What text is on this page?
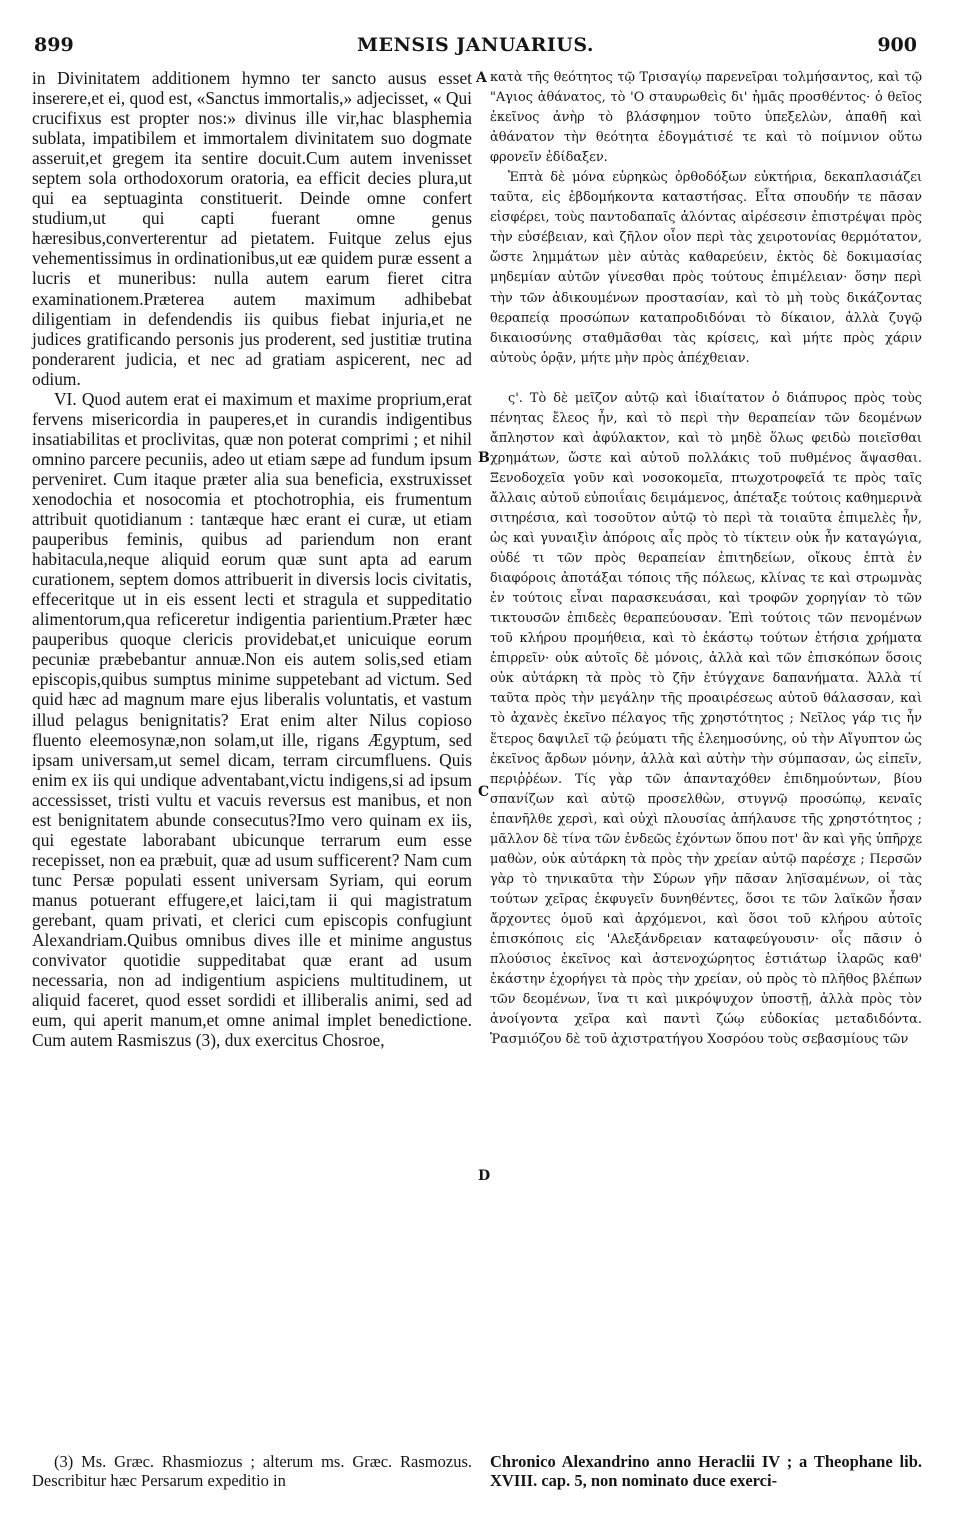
899	MENSIS JANUARIUS.	900

in Divinitatem additionem hymno ter sancto ausus esset inserere,et ei, quod est, «Sanctus immortalis,» adjecisset, « Qui crucifixus est propter nos:» divinus ille vir,hac blasphemia sublata, impatibilem et immortalem divinitatem suo dogmate asseruit,et gregem ita sentire docuit.Cum autem invenisset septem sola orthodoxorum oratoria, ea efficit decies plura,ut qui ea septuaginta constituerit. Deinde omne confert studium,ut qui capti fuerant omne genus hæresibus,converterentur ad pietatem. Fuitque zelus ejus vehementissimus in ordinationibus,ut eæ quidem puræ essent a lucris et muneribus: nulla autem earum fieret citra examinationem.Præterea autem maximum adhibebat diligentiam in defendendis iis quibus fiebat injuria,et ne judices gratificando personis jus proderent, sed justitiæ trutina ponderarent judicia, et nec ad gratiam aspicerent, nec ad odium.

VI. Quod autem erat ei maximum et maxime proprium,erat fervens misericordia in pauperes,et in curandis indigentibus insatiabilitas et proclivitas, quæ non poterat comprimi ; et nihil omnino parcere pecuniis, adeo ut etiam sæpe ad fundum ipsum perveniret. Cum itaque præter alia sua beneficia, exstruxisset xenodochia et nosocomia et ptochotrophia, eis frumentum attribuit quotidianum : tantæque hæc erant ei curæ, ut etiam pauperibus feminis, quibus ad pariendum non erant habitacula,neque aliquid eorum quæ sunt apta ad earum curationem, septem domos attribuerit in diversis locis civitatis, effeceritque ut in eis essent lecti et stragula et suppeditatio alimentorum,qua reficeretur indigentia parientium.Præter hæc pauperibus quoque clericis providebat,et unicuique eorum pecuniæ præbebantur annuæ.Non eis autem solis,sed etiam episcopis,quibus sumptus minime suppetebant ad victum. Sed quid hæc ad magnum mare ejus liberalis voluntatis, et vastum illud pelagus benignitatis? Erat enim alter Nilus copioso fluento eleemosynæ,non solam,ut ille, rigans Ægyptum, sed ipsam universam,ut semel dicam, terram circumfluens. Quis enim ex iis qui undique adventabant,victu indigens,si ad ipsum accessisset, tristi vultu et vacuis reversus est manibus, et non est benignitatem abunde consecutus?Imo vero quinam ex iis, qui egestate laborabant ubicunque terrarum eum esse recepisset, non ea præbuit, quæ ad usum sufficerent? Nam cum tunc Persæ populati essent universam Syriam, qui eorum manus potuerant effugere,et laici,tam ii qui magistratum gerebant, quam privati, et clerici cum episcopis confugiunt Alexandriam.Quibus omnibus dives ille et minime angustus convivator quotidie suppeditabat quæ erant ad usum necessaria, non ad indigentium aspiciens multitudinem, ut aliquid faceret, quod esset sordidi et illiberalis animi, sed ad eum, qui aperit manum,et omne animal implet benedictione. Cum autem Rasmiszus (3), dux exercitus Chosroe,

κατὰ τῆς θεότητος τῷ Τρισαγίῳ παρενεῖραι τολμήσαντος, καὶ τῷ "Αγιος ἀθάνατος, τὸ 'Ο σταυρωθεὶς δι' ἡμᾶς προσθέντος· ὁ θεῖος ἐκεῖνος ἀνὴρ τὸ βλάσφημον τοῦτο ὑπεξελὼν, ἀπαθῆ καὶ ἀθάνατον τὴν θεότητα ἐδογμάτισέ τε καὶ τὸ ποίμνιον οὕτω φρονεῖν ἐδίδαξεν.

Ἑπτὰ δὲ μόνα εὑρηκὼς ὀρθοδόξων εὐκτήρια, δεκαπλασιάζει ταῦτα, εἰς ἑβδομήκοντα καταστήσας. Εἶτα σπουδήν τε πᾶσαν εἰσφέρει, τοὺς παντοδαπαῖς ἁλόντας αἱρέσεσιν ἐπιστρέψαι πρὸς τὴν εὐσέβειαν, καὶ ζῆλον οἷον περὶ τὰς χειροτονίας θερμότατον, ὥστε λημμάτων μὲν αὐτὰς καθαρεύειν, ἐκτὸς δὲ δοκιμασίας μηδεμίαν αὐτῶν γίνεσθαι πρὸς τούτους ἐπιμέλειαν· ὅσην περὶ τὴν τῶν ἀδικουμένων προστασίαν, καὶ τὸ μὴ τοὺς δικάζοντας θεραπείᾳ προσώπων καταπροδιδόναι τὸ δίκαιον, ἀλλὰ ζυγῷ δικαιοσύνης σταθμᾶσθαι τὰς κρίσεις, καὶ μήτε πρὸς χάριν αὐτοὺς ὁρᾷν, μήτε μὴν πρὸς ἀπέχθειαν.

ς'. Τὸ δὲ μεῖζον αὐτῷ καὶ ἰδιαίτατον ὁ διάπυρος πρὸς τοὺς πένητας ἔλεος ἦν, καὶ τὸ περὶ τὴν θεραπείαν τῶν δεομένων ἄπληστον καὶ ἀφύλακτον, καὶ τὸ μηδὲ ὅλως φειδὼ ποιεῖσθαι χρημάτων, ὥστε καὶ αὐτοῦ πολλάκις τοῦ πυθμένος ἅψασθαι. Ξενοδοχεῖα γοῦν καὶ νοσοκομεῖα, πτωχοτροφεῖά τε πρὸς ταῖς ἄλλαις αὐτοῦ εὐποιΐαις δειμάμενος, ἀπέταξε τούτοις καθημερινὰ σιτηρέσια, καὶ τοσοῦτον αὐτῷ τὸ περὶ τὰ τοιαῦτα ἐπιμελὲς ἦν, ὡς καὶ γυναιξὶν ἀπόροις αἷς πρὸς τὸ τίκτειν οὐκ ἦν καταγώγια, οὐδέ τι τῶν πρὸς θεραπείαν ἐπιτηδείων, οἴκους ἑπτὰ ἐν διαφόροις ἀποτάξαι τόποις τῆς πόλεως, κλίνας τε καὶ στρωμνὰς ἐν τούτοις εἶναι παρασκευάσαι, καὶ τροφῶν χορηγίαν τὸ τῶν τικτουσῶν ἐπιδεὲς θεραπεύουσαν. Ἐπὶ τούτοις τῶν πενομένων τοῦ κλήρου προμήθεια, καὶ τὸ ἑκάστῳ τούτων ἐτήσια χρήματα ἐπιρρεῖν· οὐκ αὐτοῖς δὲ μόνοις, ἀλλὰ καὶ τῶν ἐπισκόπων ὅσοις οὐκ αὐτάρκη τὰ πρὸς τὸ ζῆν ἐτύγχανε δαπανήματα. Ἀλλὰ τί ταῦτα πρὸς τὴν μεγάλην τῆς προαιρέσεως αὐτοῦ θάλασσαν, καὶ τὸ ἀχανὲς ἐκεῖνο πέλαγος τῆς χρηστότητος ; Νεῖλος γάρ τις ἦν ἕτερος δαψιλεῖ τῷ ῥεύματι τῆς ἐλεημοσύνης, οὐ τὴν Αἴγυπτον ὡς ἐκεῖνος ἄρδων μόνην, ἀλλὰ καὶ αὐτὴν τὴν σύμπασαν, ὡς εἰπεῖν, περιῤῥέων. Τίς γὰρ τῶν ἁπανταχόθεν ἐπιδημούντων, βίου σπανίζων καὶ αὐτῷ προσελθὼν, στυγνῷ προσώπῳ, κεναῖς ἐπανῆλθε χερσὶ, καὶ οὐχὶ πλουσίας ἀπήλαυσε τῆς χρηστότητος ; μᾶλλον δὲ τίνα τῶν ἐνδεῶς ἐχόντων ὅπου ποτ' ἂν καὶ γῆς ὑπῆρχε μαθὼν, οὐκ αὐτάρκη τὰ πρὸς τὴν χρείαν αὐτῷ παρέσχε ; Περσῶν γὰρ τὸ τηνικαῦτα τὴν Σύρων γῆν πᾶσαν ληϊσαμένων, οἱ τὰς τούτων χεῖρας ἐκφυγεῖν δυνηθέντες, ὅσοι τε τῶν λαϊκῶν ἦσαν ἄρχοντες ὁμοῦ καὶ ἀρχόμενοι, καὶ ὅσοι τοῦ κλήρου αὐτοῖς ἐπισκόποις εἰς 'Αλεξάνδρειαν καταφεύγουσιν· οἷς πᾶσιν ὁ πλούσιος ἐκεῖνος καὶ ἀστενοχώρητος ἑστιάτωρ ἱλαρῶς καθ' ἑκάστην ἐχορήγει τὰ πρὸς τὴν χρείαν, οὐ πρὸς τὸ πλῆθος βλέπων τῶν δεομένων, ἵνα τι καὶ μικρόψυχον ὑποστῇ, ἀλλὰ πρὸς τὸν ἀνοίγοντα χεῖρα καὶ παντὶ ζώῳ εὐδοκίας μεταδιδόντα. Ῥασμιόζου δὲ τοῦ ἀχιστρατήγου Χοσρόου τοὺς σεβασμίους τῶν

A
B
C
D
(3) Ms. Græc. Rhasmiozus ; alterum ms. Græc. Rasmozus. Describitur hæc Persarum expeditio in
Chronico Alexandrino anno Heraclii IV ; a Theophane lib. XVIII. cap. 5, non nominato duce exerci-
